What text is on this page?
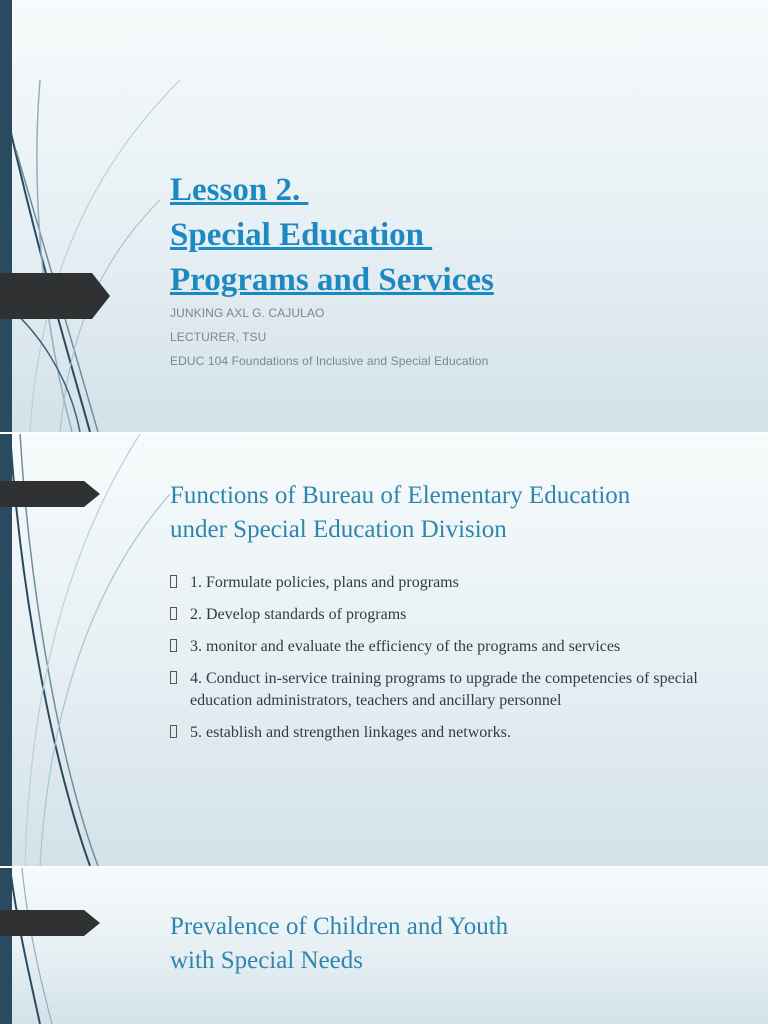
Lesson 2.
Special Education
Programs and Services
JUNKING AXL G. CAJULAO
LECTURER, TSU
EDUC 104 Foundations of Inclusive and Special Education
Functions of Bureau of Elementary Education
under Special Education Division
1. Formulate policies, plans and programs
2. Develop standards of programs
3. monitor and evaluate the efficiency of the programs and services
4. Conduct in-service training programs to upgrade the competencies of special education administrators, teachers and ancillary personnel
5. establish and strengthen linkages and networks.
Prevalence of Children and Youth
with Special Needs
